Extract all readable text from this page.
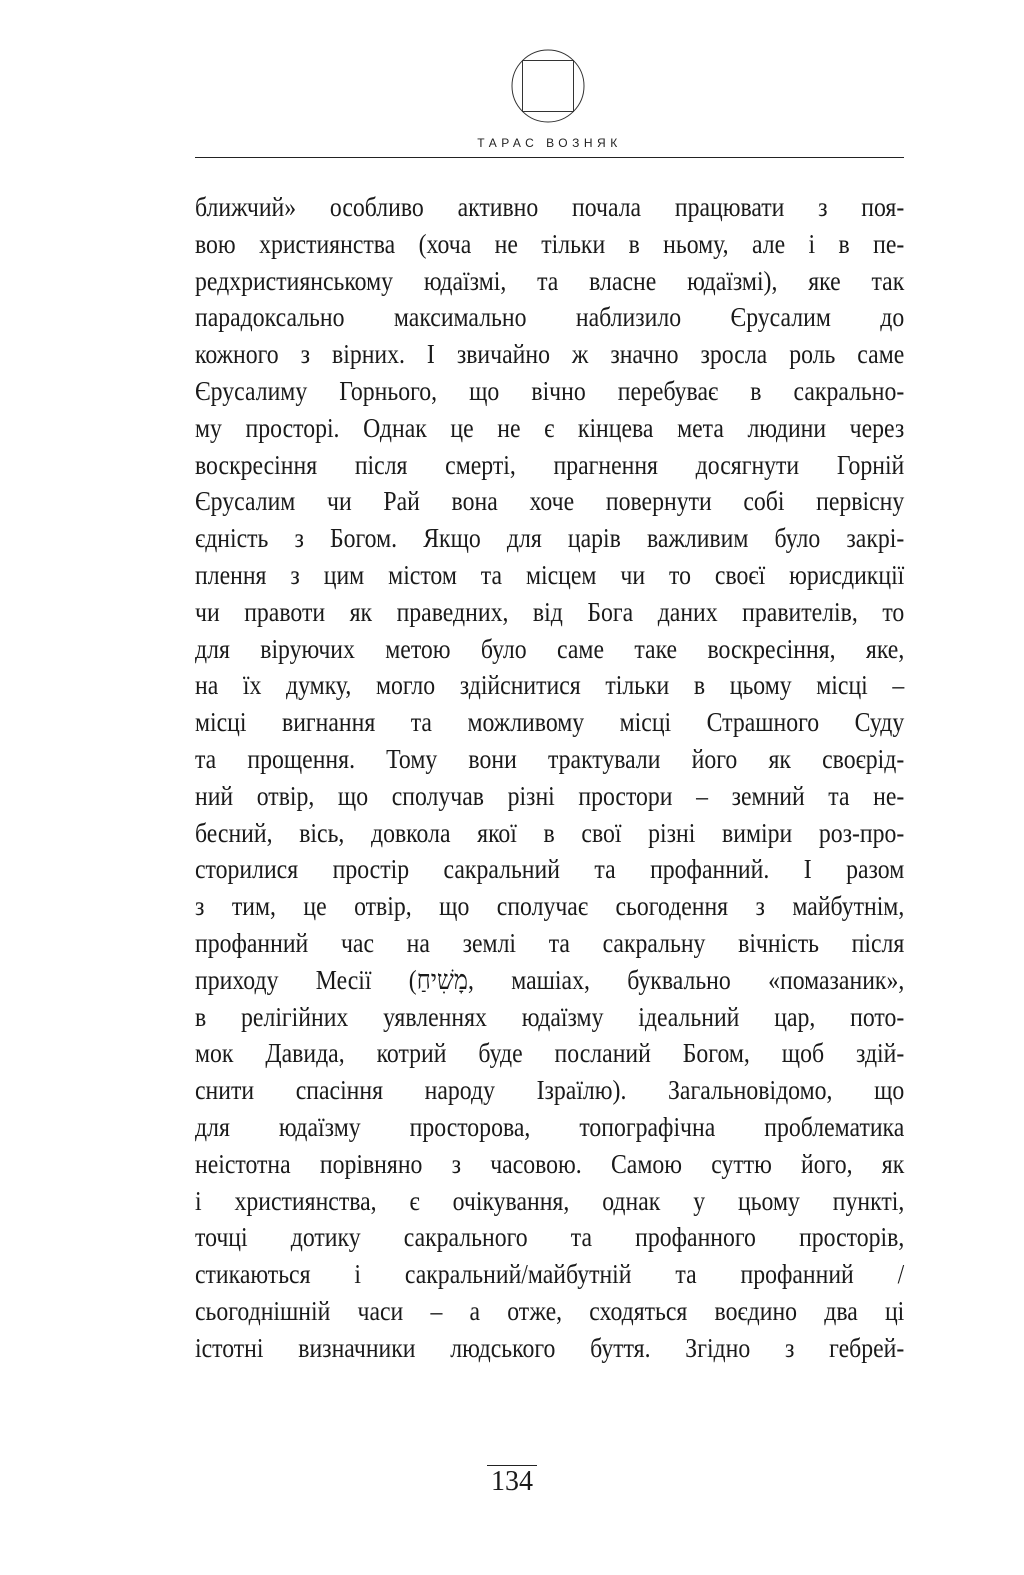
ТАРАС ВОЗНЯК
ближчий» особливо активно почала працювати з поя-
вою християнства (хоча не тільки в ньому, але і в пе-
редхристиянському юдаїзмі, та власне юдаїзмі), яке так
парадоксально максимально наблизило Єрусалим до
кожного з вірних. І звичайно ж значно зросла роль саме
Єрусалиму Горнього, що вічно перебуває в сакрально-
му просторі. Однак це не є кінцева мета людини через
воскресіння після смерті, прагнення досягнути Горній
Єрусалим чи Рай вона хоче повернути собі первісну
єдність з Богом. Якщо для царів важливим було закрі-
плення з цим містом та місцем чи то своєї юрисдикції
чи правоти як праведних, від Бога даних правителів, то
для віруючих метою було саме таке воскресіння, яке,
на їх думку, могло здійснитися тільки в цьому місці –
місці вигнання та можливому місці Страшного Суду
та прощення. Тому вони трактували його як своєрід-
ний отвір, що сполучав різні простори – земний та не-
бесний, вісь, довкола якої в свої різні виміри роз-про-
сторилися простір сакральний та профанний. І разом
з тим, це отвір, що сполучає сьогодення з майбутнім,
профанний час на землі та сакральну вічність після
приходу Месії (מָשִׁיחַ, машіах, буквально «помазаник»,
в релігійних уявленнях юдаїзму ідеальний цар, пото-
мок Давида, котрий буде посланий Богом, щоб здій-
снити спасіння народу Ізраїлю). Загальновідомо, що
для юдаїзму просторова, топографічна проблематика
неістотна порівняно з часовою. Самою суттю його, як
і християнства, є очікування, однак у цьому пункті,
точці дотику сакрального та профанного просторів,
стикаються і сакральний/майбутній та профанний /
сьогоднішній часи – а отже, сходяться воєдино два ці
істотні визначники людського буття. Згідно з гебрей-
134
